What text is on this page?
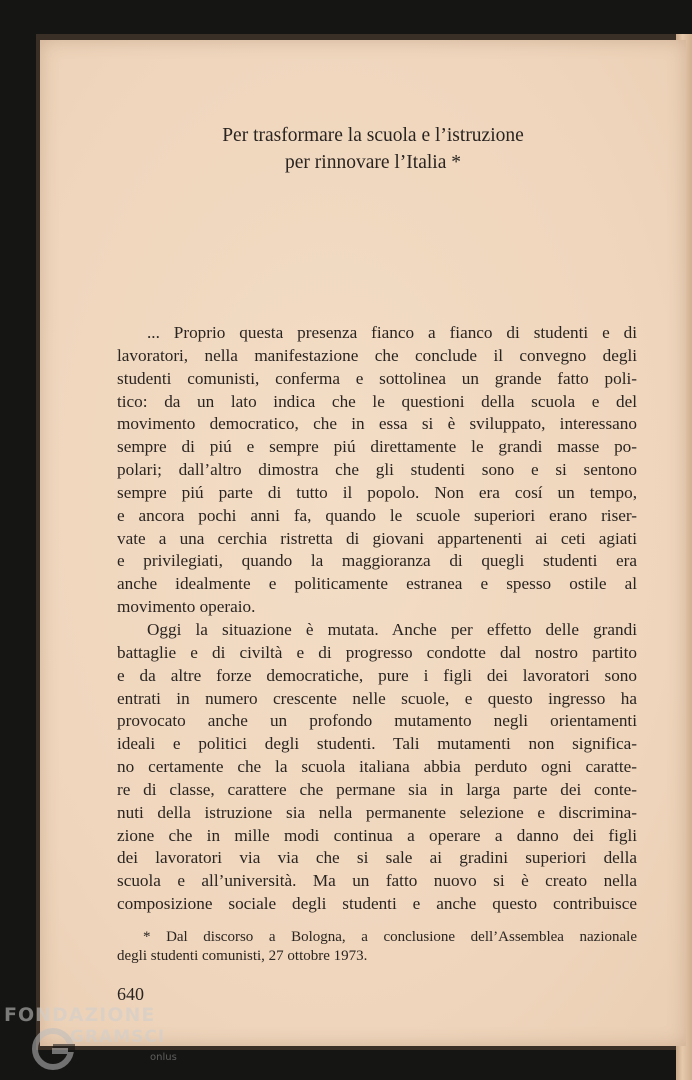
Per trasformare la scuola e l’istruzione
per rinnovare l’Italia *
... Proprio questa presenza fianco a fianco di studenti e di
lavoratori, nella manifestazione che conclude il convegno degli
studenti comunisti, conferma e sottolinea un grande fatto poli-
tico: da un lato indica che le questioni della scuola e del
movimento democratico, che in essa si è sviluppato, interessano
sempre di piú e sempre piú direttamente le grandi masse po-
polari; dall’altro dimostra che gli studenti sono e si sentono
sempre piú parte di tutto il popolo. Non era cosí un tempo,
e ancora pochi anni fa, quando le scuole superiori erano riser-
vate a una cerchia ristretta di giovani appartenenti ai ceti agiati
e privilegiati, quando la maggioranza di quegli studenti era
anche idealmente e politicamente estranea e spesso ostile al
movimento operaio.
Oggi la situazione è mutata. Anche per effetto delle grandi
battaglie e di civiltà e di progresso condotte dal nostro partito
e da altre forze democratiche, pure i figli dei lavoratori sono
entrati in numero crescente nelle scuole, e questo ingresso ha
provocato anche un profondo mutamento negli orientamenti
ideali e politici degli studenti. Tali mutamenti non significa-
no certamente che la scuola italiana abbia perduto ogni caratte-
re di classe, carattere che permane sia in larga parte dei conte-
nuti della istruzione sia nella permanente selezione e discrimina-
zione che in mille modi continua a operare a danno dei figli
dei lavoratori via via che si sale ai gradini superiori della
scuola e all’università. Ma un fatto nuovo si è creato nella
composizione sociale degli studenti e anche questo contribuisce
* Dal discorso a Bologna, a conclusione dell’Assemblea nazionale
degli studenti comunisti, 27 ottobre 1973.
640
FONDAZIONE
GRAMSCI
onlus
